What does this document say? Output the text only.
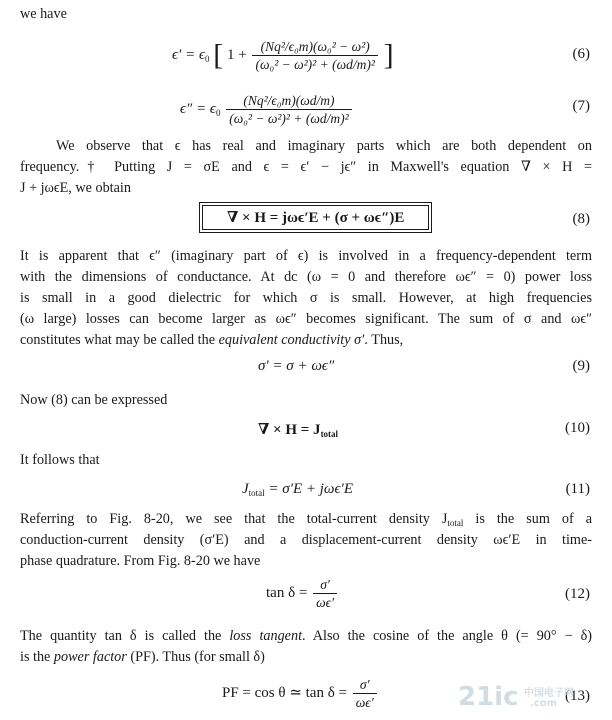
we have
$\epsilon' = \epsilon_0$ [ $1 + \frac{\text{(Nq²/ϵ₀m)(ω₀² − ω²)}}{\text{(ω₀² − ω²)² + (ωd/m)²}}$ ]	(6)
$\epsilon'' = \epsilon_0 \frac{\text{(Nq²/ϵ₀m)(ωd/m)}}{\text{(ω₀² − ω²)² + (ωd/m)²}}$	(7)
We observe that ϵ has real and imaginary parts which are both dependent on
frequency.† Putting J = σE and ϵ = ϵ′ − jϵ″ in Maxwell's equation ∇ × H =
J + jωϵE, we obtain
∇ × H = jωϵ′E + (σ + ωϵ″)E	(8)
It is apparent that ϵ″ (imaginary part of ϵ) is involved in a frequency-dependent term
with the dimensions of conductance. At dc (ω = 0 and therefore ωϵ″ = 0) power loss
is small in a good dielectric for which σ is small. However, at high frequencies
(ω large) losses can become larger as ωϵ″ becomes significant. The sum of σ and ωϵ″
constitutes what may be called the equivalent conductivity σ′. Thus,
σ′ = σ + ωϵ″	(9)
Now (8) can be expressed
∇ × $H = J_{total}$	(10)
It follows that
$J_{total} = \sigma'E + j\omega\epsilon'E$	(11)
Referring to Fig. 8-20, we see that the total-current density $J_{total}$ is the sum of a
conduction-current density (σ′E) and a displacement-current density ωϵ′E in time-
phase quadrature. From Fig. 8-20 we have
$\tan \delta = \frac{\sigma'}{\omega\epsilon'}$	(12)
The quantity tan δ is called the loss tangent. Also the cosine of the angle θ (= 90° − δ)
is the power factor (PF). Thus (for small δ)
PF = cos θ ≃ $\tan \delta = \frac{\sigma'}{\omega\epsilon'}$	(13)
21ic 中国电子网
.com
